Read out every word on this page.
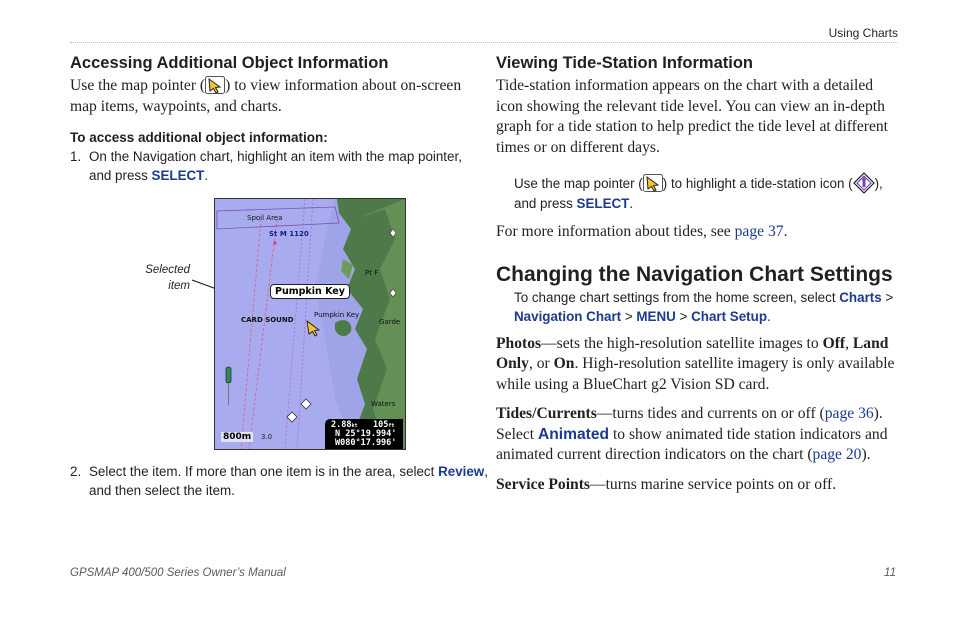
Using Charts
Accessing Additional Object Information

Use the map pointer ( ) to view information about on-screen map items, waypoints, and charts.

To access additional object information:

1. On the Navigation chart, highlight an item with the map pointer, and press SELECT.
2. Select the item. If more than one item is in the area, select Review, and then select the item.
Selected
item
Spoil Area
St M 1120
Pumpkin Key
CARD SOUND
Pumpkin Key
Pt F
Garde
Waters
800m 3.0
2.88kt 105ft
N 25°19.994'
W080°17.996'
Viewing Tide-Station Information

Tide-station information appears on the chart with a detailed icon showing the relevant tide level. You can view an in-depth graph for a tide station to help predict the tide level at different times or on different days.

Use the map pointer ( ) to highlight a tide-station icon ( ), and press SELECT.

For more information about tides, see page 37.

Changing the Navigation Chart Settings

To change chart settings from the home screen, select Charts > Navigation Chart > MENU > Chart Setup.

Photos—sets the high-resolution satellite images to Off, Land Only, or On. High-resolution satellite imagery is only available while using a BlueChart g2 Vision SD card.

Tides/Currents—turns tides and currents on or off (page 36). Select Animated to show animated tide station indicators and animated current direction indicators on the chart (page 20).

Service Points—turns marine service points on or off.

GPSMAP 400/500 Series Owner’s Manual	11
